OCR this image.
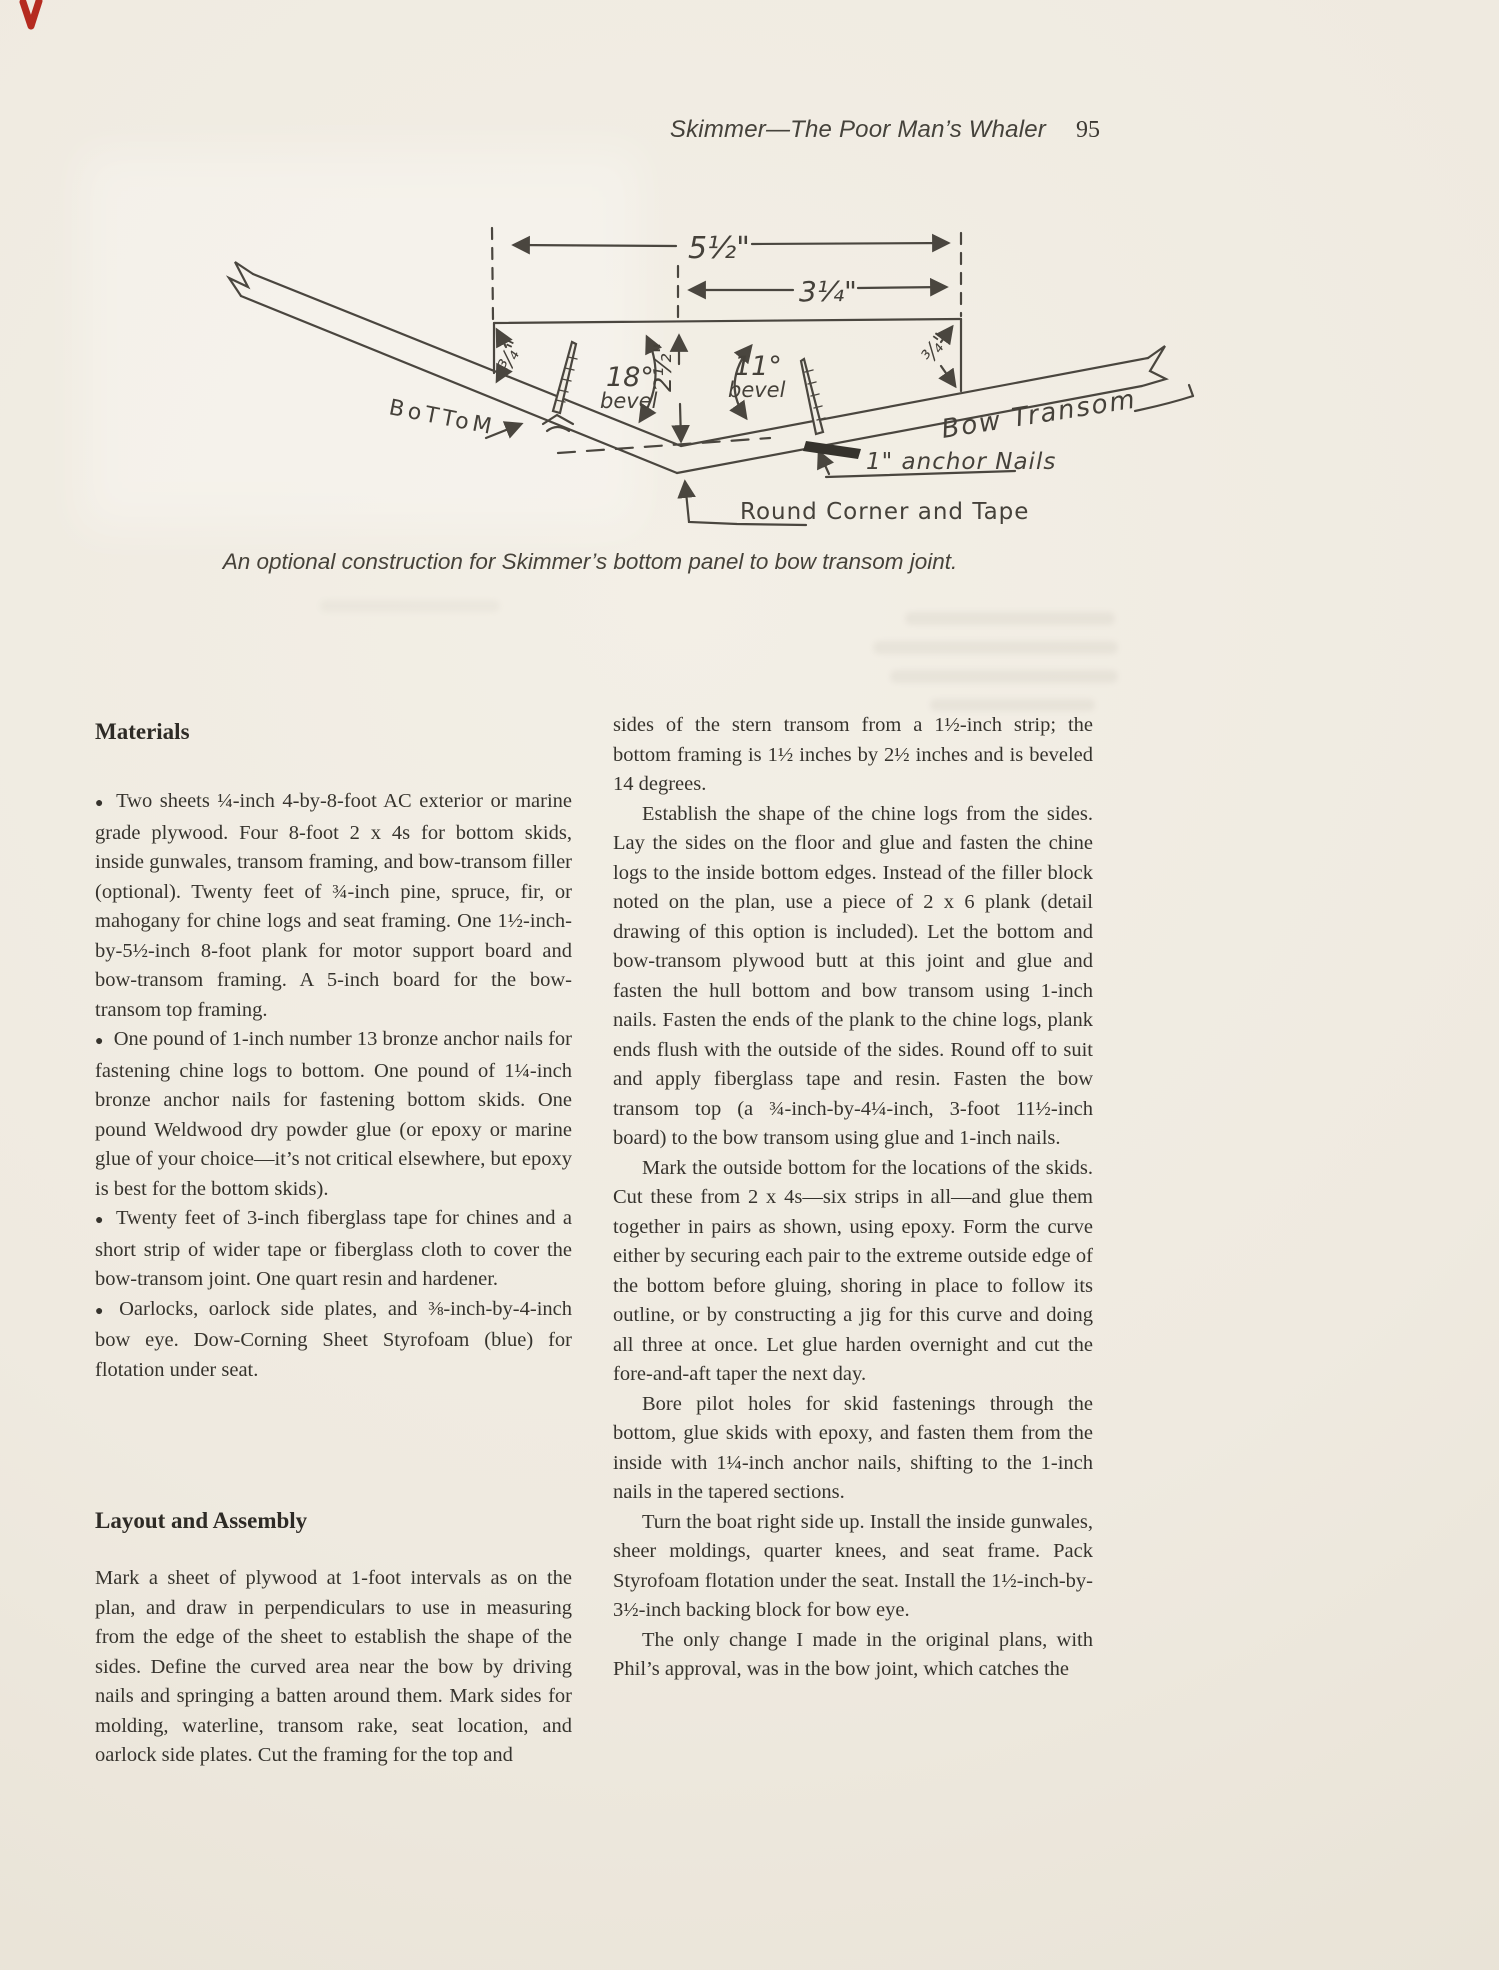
Skimmer—The Poor Man’s Whaler 95
5½"
3¼"
2½"
¾"	¾"
18°
bevel
11°
bevel
BoTToM	Bow Transom
1" anchor Nails
Round Corner and Tape
An optional construction for Skimmer’s bottom panel to bow transom joint.

Materials

● Two sheets ¼-inch 4-by-8-foot AC exterior or marine grade plywood. Four 8-foot 2 x 4s for bottom skids, inside gunwales, transom framing, and bow-transom filler (optional). Twenty feet of ¾-inch pine, spruce, fir, or mahogany for chine logs and seat framing. One 1½-inch-by-5½-inch 8-foot plank for motor support board and bow-transom framing. A 5-inch board for the bow-transom top framing.

● One pound of 1-inch number 13 bronze anchor nails for fastening chine logs to bottom. One pound of 1¼-inch bronze anchor nails for fastening bottom skids. One pound Weldwood dry powder glue (or epoxy or marine glue of your choice—it’s not critical elsewhere, but epoxy is best for the bottom skids).

● Twenty feet of 3-inch fiberglass tape for chines and a short strip of wider tape or fiberglass cloth to cover the bow-transom joint. One quart resin and hardener.

● Oarlocks, oarlock side plates, and ⅜-inch-by-4-inch bow eye. Dow-Corning Sheet Styrofoam (blue) for flotation under seat.

Layout and Assembly

Mark a sheet of plywood at 1-foot intervals as on the plan, and draw in perpendiculars to use in measuring from the edge of the sheet to establish the shape of the sides. Define the curved area near the bow by driving nails and springing a batten around them. Mark sides for molding, waterline, transom rake, seat location, and oarlock side plates. Cut the framing for the top and

sides of the stern transom from a 1½-inch strip; the bottom framing is 1½ inches by 2½ inches and is beveled 14 degrees.

Establish the shape of the chine logs from the sides. Lay the sides on the floor and glue and fasten the chine logs to the inside bottom edges. Instead of the filler block noted on the plan, use a piece of 2 x 6 plank (detail drawing of this option is included). Let the bottom and bow-transom plywood butt at this joint and glue and fasten the hull bottom and bow transom using 1-inch nails. Fasten the ends of the plank to the chine logs, plank ends flush with the outside of the sides. Round off to suit and apply fiberglass tape and resin. Fasten the bow transom top (a ¾-inch-by-4¼-inch, 3-foot 11½-inch board) to the bow transom using glue and 1-inch nails.

Mark the outside bottom for the locations of the skids. Cut these from 2 x 4s—six strips in all—and glue them together in pairs as shown, using epoxy. Form the curve either by securing each pair to the extreme outside edge of the bottom before gluing, shoring in place to follow its outline, or by constructing a jig for this curve and doing all three at once. Let glue harden overnight and cut the fore-and-aft taper the next day.

Bore pilot holes for skid fastenings through the bottom, glue skids with epoxy, and fasten them from the inside with 1¼-inch anchor nails, shifting to the 1-inch nails in the tapered sections.

Turn the boat right side up. Install the inside gunwales, sheer moldings, quarter knees, and seat frame. Pack Styrofoam flotation under the seat. Install the 1½-inch-by-3½-inch backing block for bow eye.

The only change I made in the original plans, with Phil’s approval, was in the bow joint, which catches the
